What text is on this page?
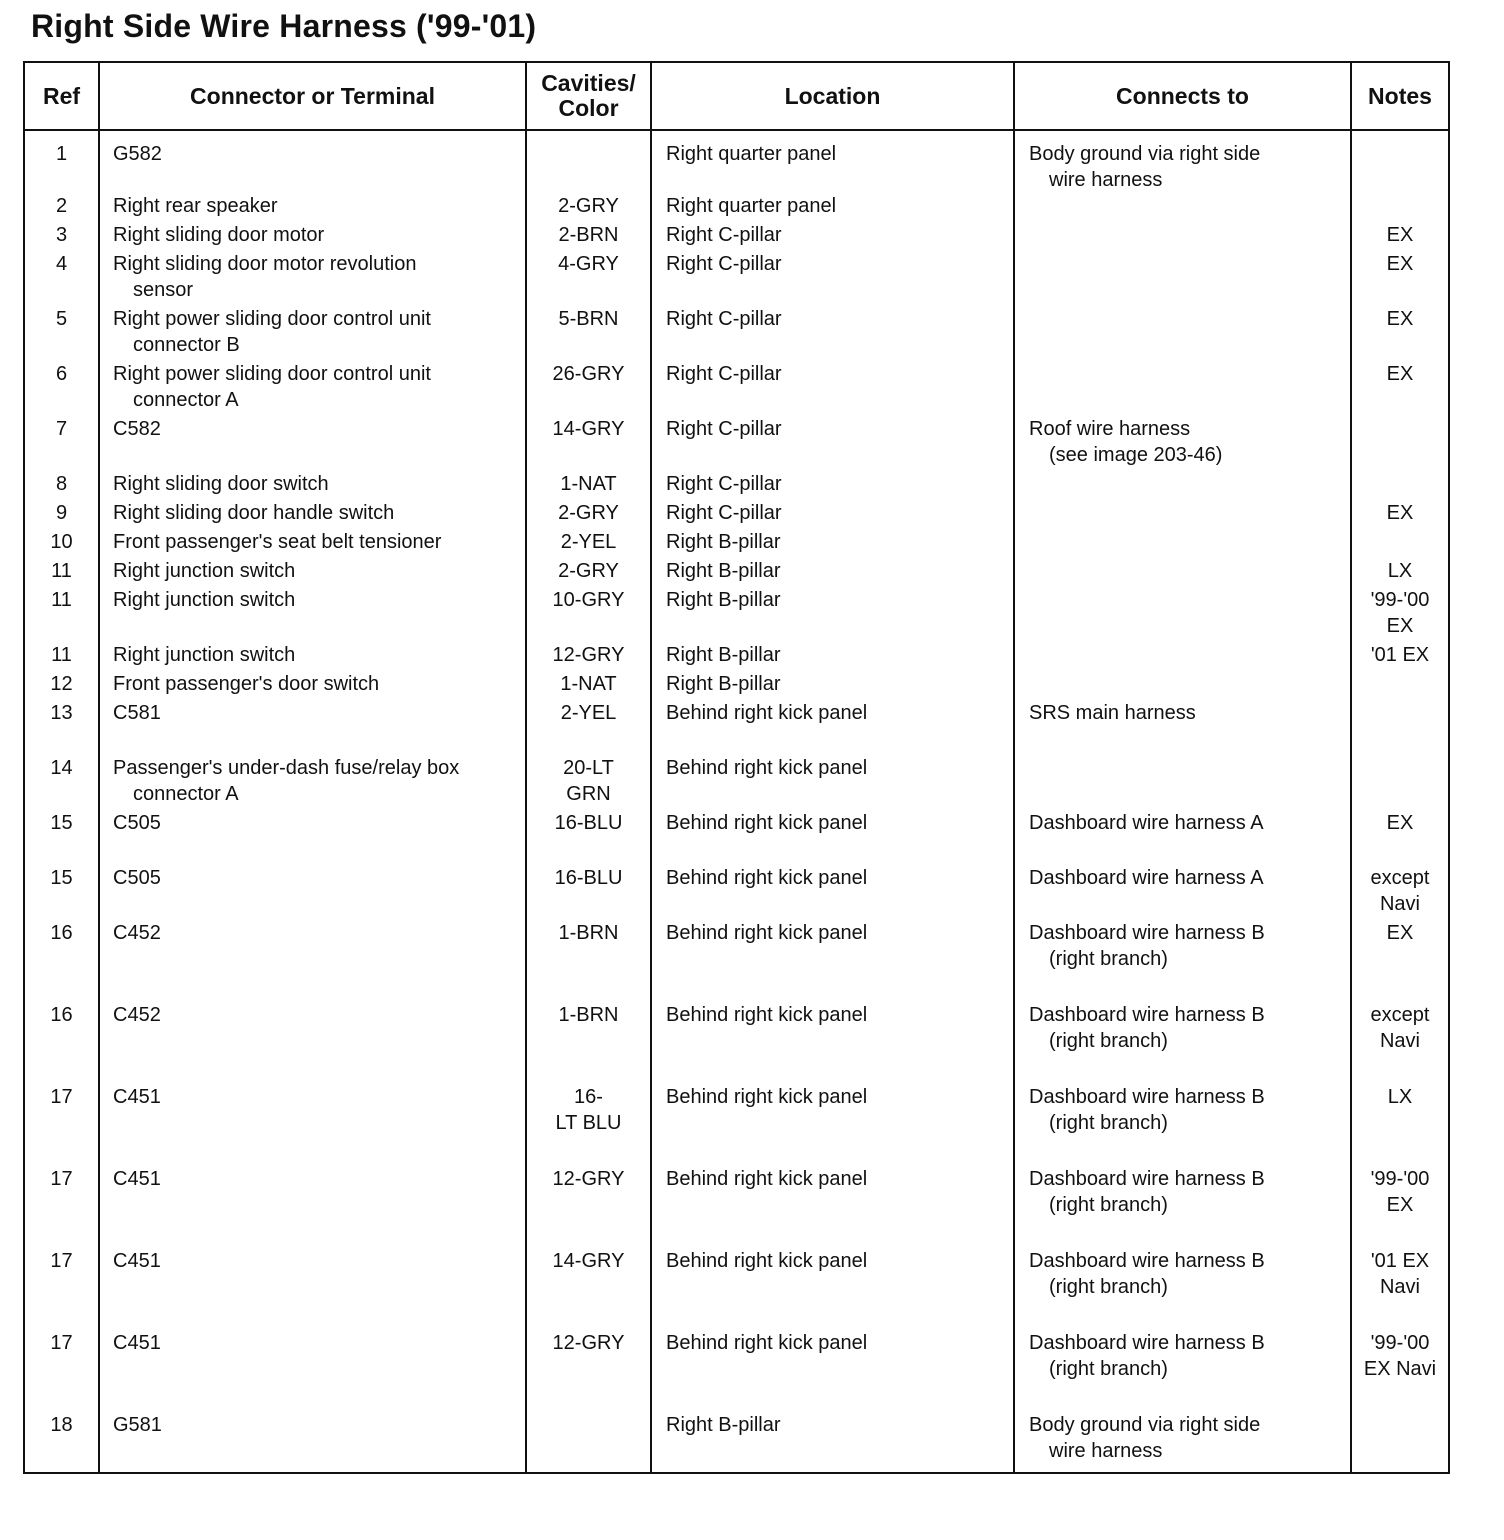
Right Side Wire Harness ('99-'01)
Ref	Connector or Terminal	Cavities/
Color	Location	Connects to	Notes
1	G582		Right quarter panel	Body ground via right side
wire harness	

2	Right rear speaker	2-GRY	Right quarter panel	

3	Right sliding door motor	2-BRN	Right C-pillar		EX

4	Right sliding door motor revolution
sensor	4-GRY	Right C-pillar		EX

5	Right power sliding door control unit
connector B	5-BRN	Right C-pillar		EX

6	Right power sliding door control unit
connector A	26-GRY	Right C-pillar		EX

7	C582	14-GRY	Right C-pillar	Roof wire harness
(see image 203-46)	

8	Right sliding door switch	1-NAT	Right C-pillar	

9	Right sliding door handle switch	2-GRY	Right C-pillar		EX

10	Front passenger's seat belt tensioner	2-YEL	Right B-pillar	

11	Right junction switch	2-GRY	Right B-pillar		LX

11	Right junction switch	10-GRY	Right B-pillar		'99-'00
EX

11	Right junction switch	12-GRY	Right B-pillar		'01 EX

12	Front passenger's door switch	1-NAT	Right B-pillar	

13	C581	2-YEL	Behind right kick panel	SRS main harness	

14	Passenger's under-dash fuse/relay box
connector A	20-LT
GRN	Behind right kick panel	

15	C505	16-BLU	Behind right kick panel	Dashboard wire harness A	EX

15	C505	16-BLU	Behind right kick panel	Dashboard wire harness A	except
Navi

16	C452	1-BRN	Behind right kick panel	Dashboard wire harness B
(right branch)	EX

16	C452	1-BRN	Behind right kick panel	Dashboard wire harness B
(right branch)	except
Navi

17	C451	16-
LT BLU	Behind right kick panel	Dashboard wire harness B
(right branch)	LX

17	C451	12-GRY	Behind right kick panel	Dashboard wire harness B
(right branch)	'99-'00
EX

17	C451	14-GRY	Behind right kick panel	Dashboard wire harness B
(right branch)	'01 EX
Navi

17	C451	12-GRY	Behind right kick panel	Dashboard wire harness B
(right branch)	'99-'00
EX Navi

18	G581		Right B-pillar	Body ground via right side
wire harness	
